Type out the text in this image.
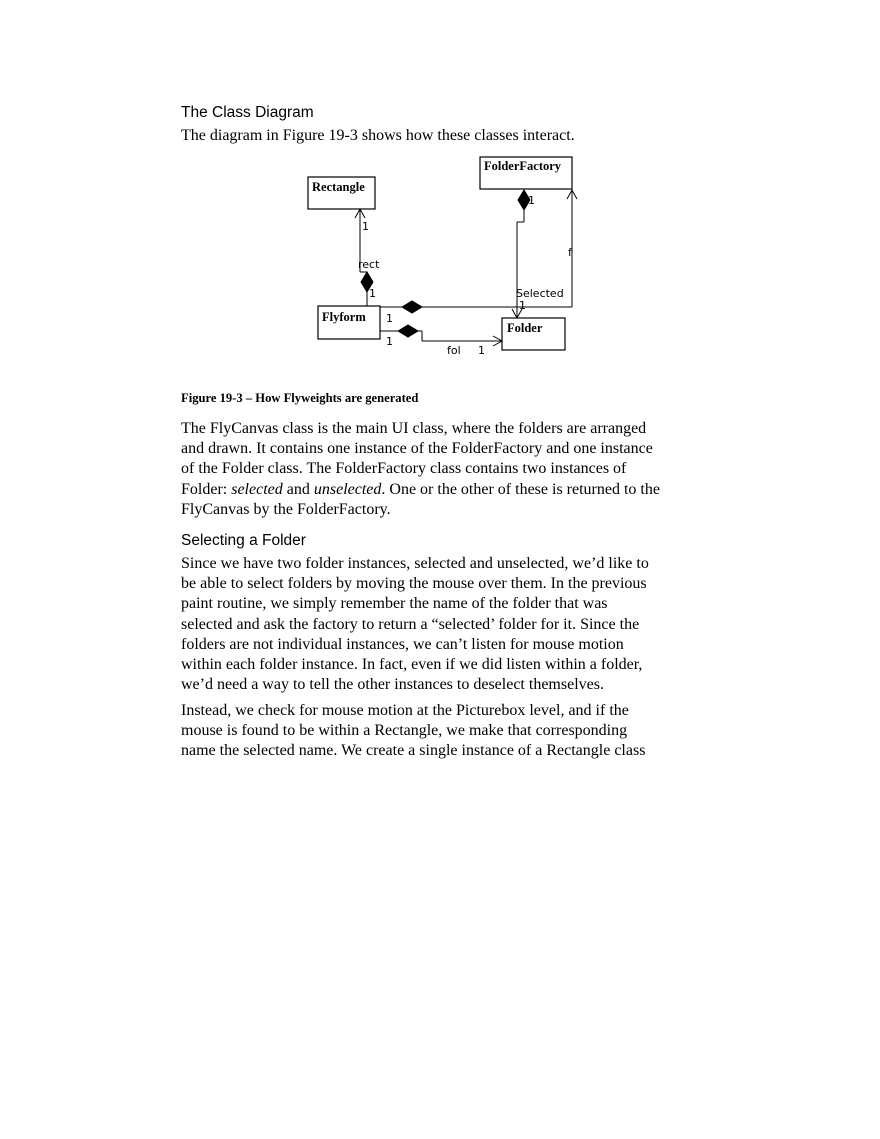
The Class Diagram

The diagram in Figure 19-3 shows how these classes interact.

Rectangle
FolderFactory
Flyform
Folder
1
rect
1
f
1
1
Selected
1
1
fol 1

Figure 19-3 – How Flyweights are generated

The FlyCanvas class is the main UI class, where the folders are arranged
and drawn. It contains one instance of the FolderFactory and one instance
of the Folder class. The FolderFactory class contains two instances of
Folder: selected and unselected. One or the other of these is returned to the
FlyCanvas by the FolderFactory.

Selecting a Folder

Since we have two folder instances, selected and unselected, we’d like to
be able to select folders by moving the mouse over them. In the previous
paint routine, we simply remember the name of the folder that was
selected and ask the factory to return a “selected’ folder for it. Since the
folders are not individual instances, we can’t listen for mouse motion
within each folder instance. In fact, even if we did listen within a folder,
we’d need a way to tell the other instances to deselect themselves.

Instead, we check for mouse motion at the Picturebox level, and if the
mouse is found to be within a Rectangle, we make that corresponding
name the selected name. We create a single instance of a Rectangle class
